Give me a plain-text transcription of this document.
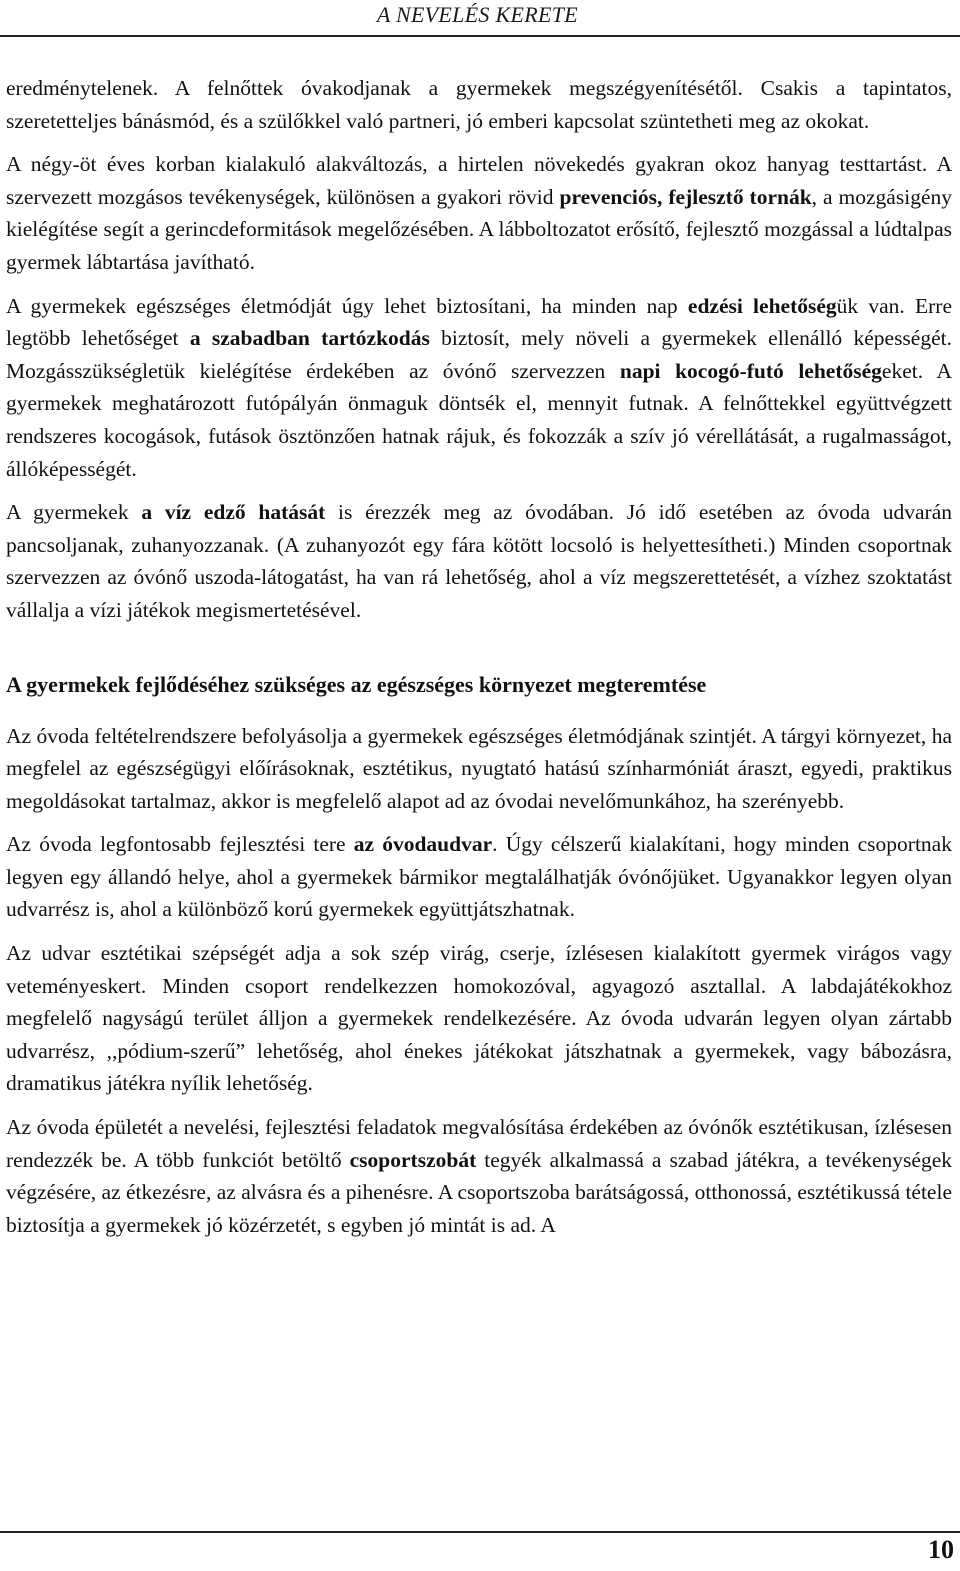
A NEVELÉS KERETE

eredménytelenek. A felnőttek óvakodjanak a gyermekek megszégyenítésétől. Csakis a tapintatos, szeretetteljes bánásmód, és a szülőkkel való partneri, jó emberi kapcsolat szüntetheti meg az okokat.

A négy-öt éves korban kialakuló alakváltozás, a hirtelen növekedés gyakran okoz hanyag testtartást. A szervezett mozgásos tevékenységek, különösen a gyakori rövid prevenciós, fejlesztő tornák, a mozgásigény kielégítése segít a gerincdeformitások megelőzésében. A lábboltozatot erősítő, fejlesztő mozgással a lúdtalpas gyermek lábtartása javítható.

A gyermekek egészséges életmódját úgy lehet biztosítani, ha minden nap edzési lehetőségük van. Erre legtöbb lehetőséget a szabadban tartózkodás biztosít, mely növeli a gyermekek ellenálló képességét. Mozgásszükségletük kielégítése érdekében az óvónő szervezzen napi kocogó-futó lehetőségeket. A gyermekek meghatározott futópályán önmaguk döntsék el, mennyit futnak. A felnőttekkel együttvégzett rendszeres kocogások, futások ösztönzően hatnak rájuk, és fokozzák a szív jó vérellátását, a rugalmasságot, állóképességét.

A gyermekek a víz edző hatását is érezzék meg az óvodában. Jó idő esetében az óvoda udvarán pancsoljanak, zuhanyozzanak. (A zuhanyozót egy fára kötött locsoló is helyettesítheti.) Minden csoportnak szervezzen az óvónő uszoda-látogatást, ha van rá lehetőség, ahol a víz megszerettetését, a vízhez szoktatást vállalja a vízi játékok megismertetésével.

A gyermekek fejlődéséhez szükséges az egészséges környezet megteremtése

Az óvoda feltételrendszere befolyásolja a gyermekek egészséges életmódjának szintjét. A tárgyi környezet, ha megfelel az egészségügyi előírásoknak, esztétikus, nyugtató hatású színharmóniát áraszt, egyedi, praktikus megoldásokat tartalmaz, akkor is megfelelő alapot ad az óvodai nevelőmunkához, ha szerényebb.

Az óvoda legfontosabb fejlesztési tere az óvodaudvar. Úgy célszerű kialakítani, hogy minden csoportnak legyen egy állandó helye, ahol a gyermekek bármikor megtalálhatják óvónőjüket. Ugyanakkor legyen olyan udvarrész is, ahol a különböző korú gyermekek együttjátszhatnak.

Az udvar esztétikai szépségét adja a sok szép virág, cserje, ízlésesen kialakított gyermek virágos vagy veteményeskert. Minden csoport rendelkezzen homokozóval, agyagozó asztallal. A labdajátékokhoz megfelelő nagyságú terület álljon a gyermekek rendelkezésére. Az óvoda udvarán legyen olyan zártabb udvarrész, ,,pódium-szerű” lehetőség, ahol énekes játékokat játszhatnak a gyermekek, vagy bábozásra, dramatikus játékra nyílik lehetőség.

Az óvoda épületét a nevelési, fejlesztési feladatok megvalósítása érdekében az óvónők esztétikusan, ízlésesen rendezzék be. A több funkciót betöltő csoportszobát tegyék alkalmassá a szabad játékra, a tevékenységek végzésére, az étkezésre, az alvásra és a pihenésre. A csoportszoba barátságossá, otthonossá, esztétikussá tétele biztosítja a gyermekek jó közérzetét, s egyben jó mintát is ad. A

10
